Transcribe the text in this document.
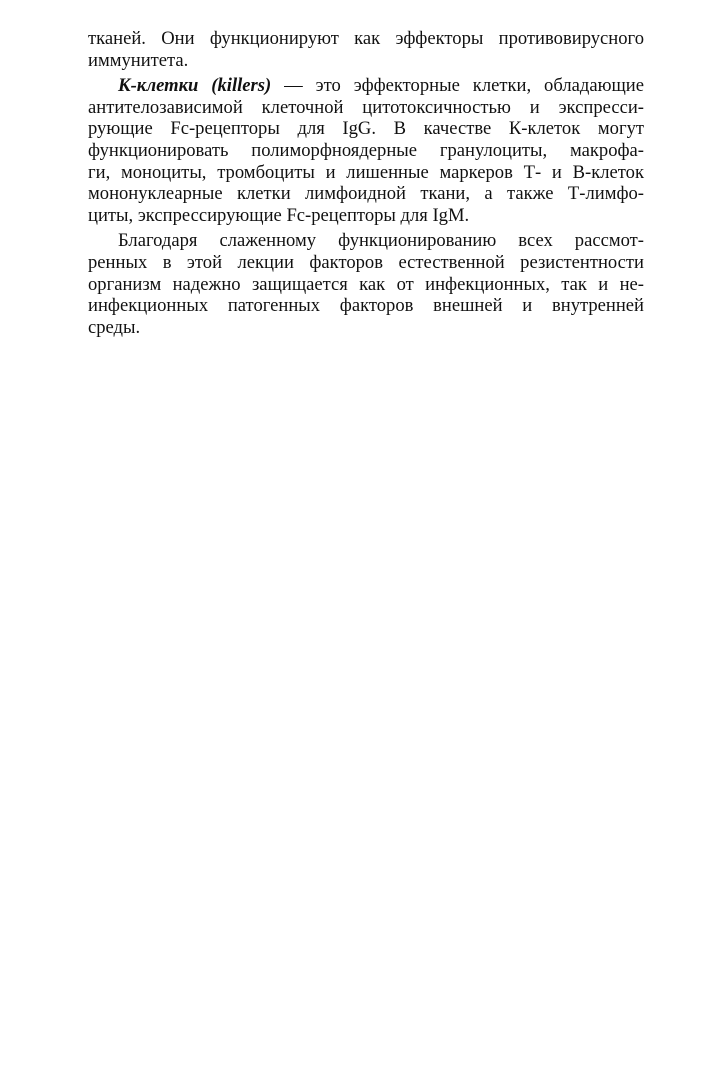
тканей. Они функционируют как эффекторы противовирусного
иммунитета.
К-клетки (killers) — это эффекторные клетки, обладающие
антителозависимой клеточной цитотоксичностью и экспресси-
рующие Fc-рецепторы для IgG. В качестве К-клеток могут
функционировать полиморфноядерные гранулоциты, макрофа-
ги, моноциты, тромбоциты и лишенные маркеров Т- и В-клеток
мононуклеарные клетки лимфоидной ткани, а также Т-лимфо-
циты, экспрессирующие Fc-рецепторы для IgM.
Благодаря слаженному функционированию всех рассмот-
ренных в этой лекции факторов естественной резистентности
организм надежно защищается как от инфекционных, так и не-
инфекционных патогенных факторов внешней и внутренней
среды.
